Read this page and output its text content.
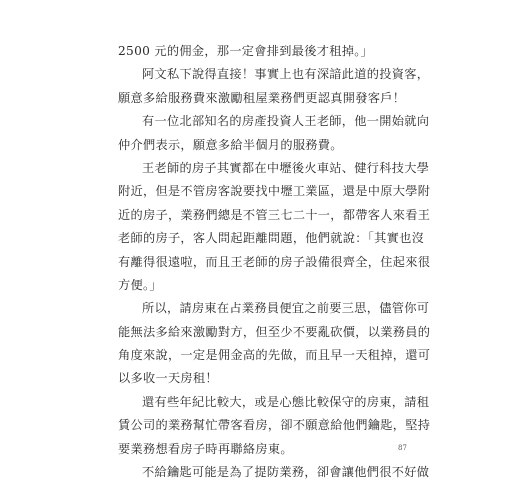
2500 元的佣金，那一定會排到最後才租掉。」
阿文私下說得直接！事實上也有深諳此道的投資客，
願意多給服務費來激勵租屋業務們更認真開發客戶！
有一位北部知名的房產投資人王老師，他一開始就向
仲介們表示，願意多給半個月的服務費。
王老師的房子其實都在中壢後火車站、健行科技大學
附近，但是不管房客說要找中壢工業區，還是中原大學附
近的房子，業務們總是不管三七二十一，都帶客人來看王
老師的房子，客人問起距離問題，他們就說：「其實也沒
有離得很遠啦，而且王老師的房子設備很齊全，住起來很
方便。」
所以，請房東在占業務員便宜之前要三思，儘管你可
能無法多給來激勵對方，但至少不要亂砍價，以業務員的
角度來說，一定是佣金高的先做，而且早一天租掉，還可
以多收一天房租！
還有些年紀比較大，或是心態比較保守的房東，請租
賃公司的業務幫忙帶客看房，卻不願意給他們鑰匙，堅持
要業務想看房子時再聯絡房東。
不給鑰匙可能是為了提防業務，卻會讓他們很不好做
87
